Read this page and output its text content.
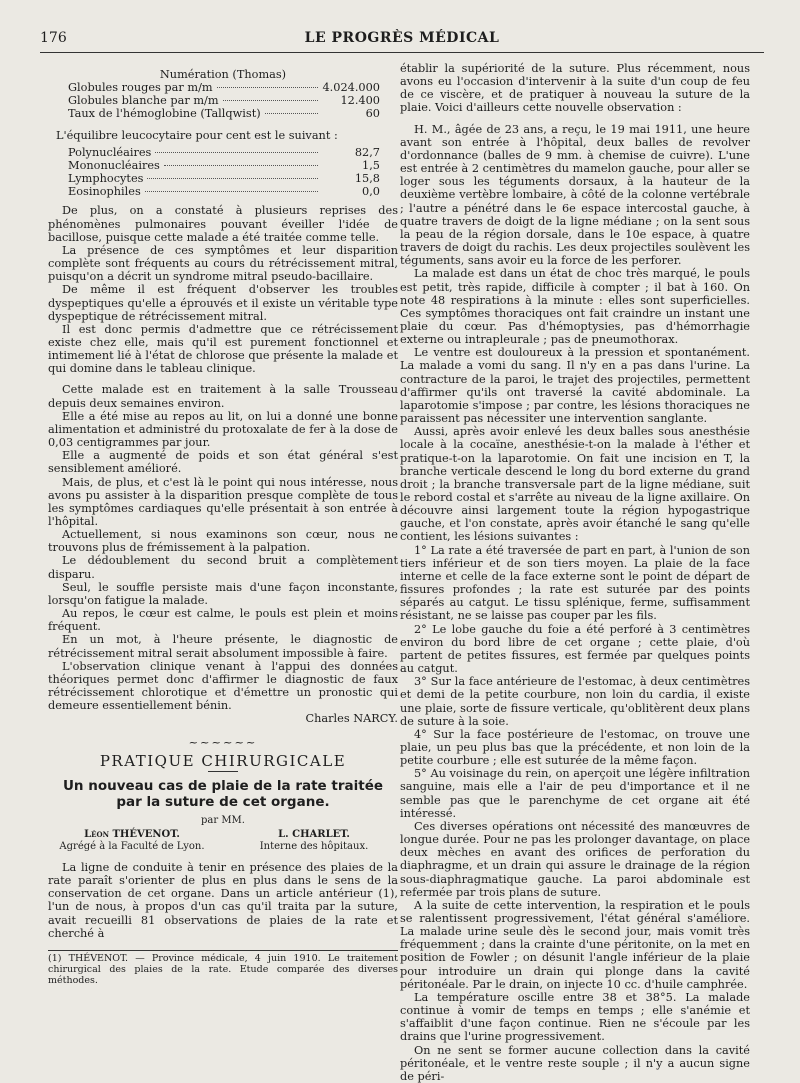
176	LE PROGRÈS MÉDICAL
Numération (Thomas)
Globules rouges par m/m	4.024.000
Globules blanche par m/m	12.400
Taux de l'hémoglobine (Tallqwist)	60

L'équilibre leucocytaire pour cent est le suivant :

Polynucléaires	82,7
Mononucléaires	1,5
Lymphocytes	15,8
Eosinophiles	0,0

De plus, on a constaté à plusieurs reprises des phénomènes pulmonaires pouvant éveiller l'idée de bacillose, puisque cette malade a été traitée comme telle.

La présence de ces symptômes et leur disparition complète sont fréquents au cours du rétrécissement mitral, puisqu'on a décrit un syndrome mitral pseudo-bacillaire.

De même il est fréquent d'observer les troubles dyspeptiques qu'elle a éprouvés et il existe un véritable type dyspeptique de rétrécissement mitral.

Il est donc permis d'admettre que ce rétrécissement existe chez elle, mais qu'il est purement fonctionnel et intimement lié à l'état de chlorose que présente la malade et qui domine dans le tableau clinique.

Cette malade est en traitement à la salle Trousseau depuis deux semaines environ.

Elle a été mise au repos au lit, on lui a donné une bonne alimentation et administré du protoxalate de fer à la dose de 0,03 centigrammes par jour.

Elle a augmenté de poids et son état général s'est sensiblement amélioré.

Mais, de plus, et c'est là le point qui nous intéresse, nous avons pu assister à la disparition presque complète de tous les symptômes cardiaques qu'elle présentait à son entrée à l'hôpital.

Actuellement, si nous examinons son cœur, nous ne trouvons plus de frémissement à la palpation.

Le dédoublement du second bruit a complètement disparu.

Seul, le souffle persiste mais d'une façon inconstante, lorsqu'on fatigue la malade.

Au repos, le cœur est calme, le pouls est plein et moins fréquent.

En un mot, à l'heure présente, le diagnostic de rétrécissement mitral serait absolument impossible à faire.

L'observation clinique venant à l'appui des données théoriques permet donc d'affirmer le diagnostic de faux rétrécissement chlorotique et d'émettre un pronostic qui demeure essentiellement bénin.

Charles NARCY.
~~~~~~
PRATIQUE CHIRURGICALE
Un nouveau cas de plaie de la rate traitée par la suture de cet organe.
par MM.
Léon THÉVENOT.
Agrégé à la Faculté de Lyon.
L. CHARLET.
Interne des hôpitaux.

La ligne de conduite à tenir en présence des plaies de la rate paraît s'orienter de plus en plus dans le sens de la conservation de cet organe. Dans un article antérieur (1), l'un de nous, à propos d'un cas qu'il traita par la suture, avait recueilli 81 observations de plaies de la rate et cherché à

(1) THÉVENOT. — Province médicale, 4 juin 1910. Le traitement chirurgical des plaies de la rate. Etude comparée des diverses méthodes.

établir la supériorité de la suture. Plus récemment, nous avons eu l'occasion d'intervenir à la suite d'un coup de feu de ce viscère, et de pratiquer à nouveau la suture de la plaie. Voici d'ailleurs cette nouvelle observation :

H. M., âgée de 23 ans, a reçu, le 19 mai 1911, une heure avant son entrée à l'hôpital, deux balles de revolver d'ordonnance (balles de 9 mm. à chemise de cuivre). L'une est entrée à 2 centimètres du mamelon gauche, pour aller se loger sous les téguments dorsaux, à la hauteur de la deuxième vertèbre lombaire, à côté de la colonne vertébrale ; l'autre a pénétré dans le 6e espace intercostal gauche, à quatre travers de doigt de la ligne médiane ; on la sent sous la peau de la région dorsale, dans le 10e espace, à quatre travers de doigt du rachis. Les deux projectiles soulèvent les téguments, sans avoir eu la force de les perforer.

La malade est dans un état de choc très marqué, le pouls est petit, très rapide, difficile à compter ; il bat à 160. On note 48 respirations à la minute : elles sont superficielles. Ces symptômes thoraciques ont fait craindre un instant une plaie du cœur. Pas d'hémoptysies, pas d'hémorrhagie externe ou intrapleurale ; pas de pneumothorax.

Le ventre est douloureux à la pression et spontanément. La malade a vomi du sang. Il n'y en a pas dans l'urine. La contracture de la paroi, le trajet des projectiles, permettent d'affirmer qu'ils ont traversé la cavité abdominale. La laparotomie s'impose ; par contre, les lésions thoraciques ne paraissent pas nécessiter une intervention sanglante.

Aussi, après avoir enlevé les deux balles sous anesthésie locale à la cocaïne, anesthésie-t-on la malade à l'éther et pratique-t-on la laparotomie. On fait une incision en T, la branche verticale descend le long du bord externe du grand droit ; la branche transversale part de la ligne médiane, suit le rebord costal et s'arrête au niveau de la ligne axillaire. On découvre ainsi largement toute la région hypogastrique gauche, et l'on constate, après avoir étanché le sang qu'elle contient, les lésions suivantes :

1° La rate a été traversée de part en part, à l'union de son tiers inférieur et de son tiers moyen. La plaie de la face interne et celle de la face externe sont le point de départ de fissures profondes ; la rate est suturée par des points séparés au catgut. Le tissu splénique, ferme, suffisamment résistant, ne se laisse pas couper par les fils.

2° Le lobe gauche du foie a été perforé à 3 centimètres environ du bord libre de cet organe ; cette plaie, d'où partent de petites fissures, est fermée par quelques points au catgut.

3° Sur la face antérieure de l'estomac, à deux centimètres et demi de la petite courbure, non loin du cardia, il existe une plaie, sorte de fissure verticale, qu'oblitèrent deux plans de suture à la soie.

4° Sur la face postérieure de l'estomac, on trouve une plaie, un peu plus bas que la précédente, et non loin de la petite courbure ; elle est suturée de la même façon.

5° Au voisinage du rein, on aperçoit une légère infiltration sanguine, mais elle a l'air de peu d'importance et il ne semble pas que le parenchyme de cet organe ait été intéressé.

Ces diverses opérations ont nécessité des manœuvres de longue durée. Pour ne pas les prolonger davantage, on place deux mèches en avant des orifices de perforation du diaphragme, et un drain qui assure le drainage de la région sous-diaphragmatique gauche. La paroi abdominale est refermée par trois plans de suture.

A la suite de cette intervention, la respiration et le pouls se ralentissent progressivement, l'état général s'améliore. La malade urine seule dès le second jour, mais vomit très fréquemment ; dans la crainte d'une péritonite, on la met en position de Fowler ; on désunit l'angle inférieur de la plaie pour introduire un drain qui plonge dans la cavité péritonéale. Par le drain, on injecte 10 cc. d'huile camphrée.

La température oscille entre 38 et 38°5. La malade continue à vomir de temps en temps ; elle s'anémie et s'affaiblit d'une façon continue. Rien ne s'écoule par les drains que l'urine progressivement.

On ne sent se former aucune collection dans la cavité péritonéale, et le ventre reste souple ; il n'y a aucun signe de péri-
